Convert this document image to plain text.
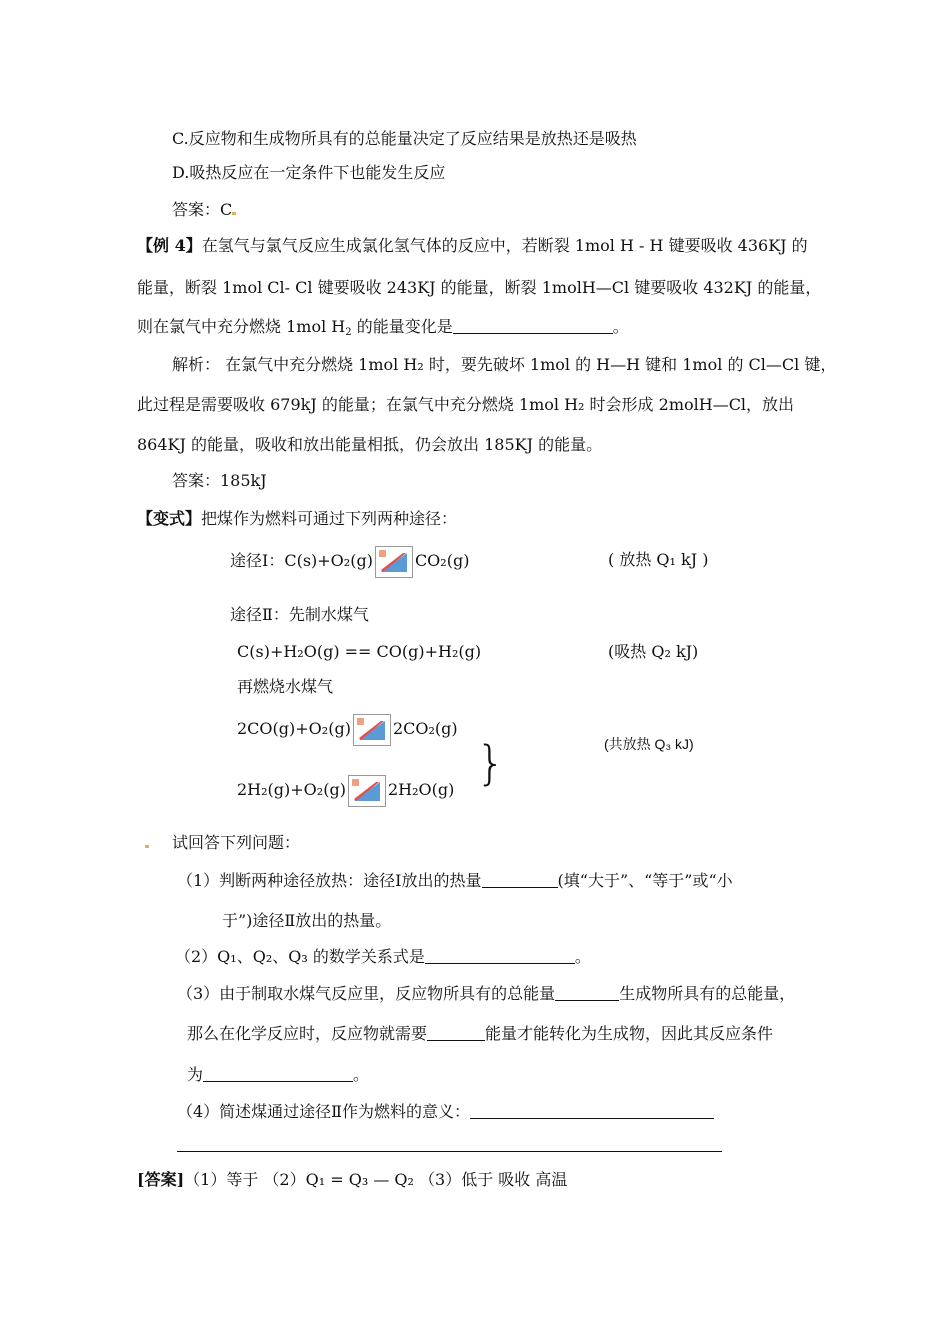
C.反应物和生成物所具有的总能量决定了反应结果是放热还是吸热
D.吸热反应在一定条件下也能发生反应
答案：C
【例 4】在氢气与氯气反应生成氯化氢气体的反应中，若断裂 1mol H - H 键要吸收 436KJ 的
能量，断裂 1mol Cl- Cl 键要吸收 243KJ 的能量，断裂 1molH—Cl 键要吸收 432KJ 的能量，
则在氯气中充分燃烧 1mol $H_2$ 的能量变化是	。
解析： 在氯气中充分燃烧 1mol H₂ 时，要先破坏 1mol 的 H—H 键和 1mol 的 Cl—Cl 键，
此过程是需要吸收 679kJ 的能量；在氯气中充分燃烧 1mol H₂ 时会形成 2molH—Cl，放出
864KJ 的能量，吸收和放出能量相抵，仍会放出 185KJ 的能量。
答案：185kJ
【变式】把煤作为燃料可通过下列两种途径：
途径Ⅰ：C(s)+O₂(g)	CO₂(g)	( 放热 Q₁ kJ )
途径Ⅱ：先制水煤气
C(s)+H₂O(g) == CO(g)+H₂(g)	(吸热 Q₂ kJ)
再燃烧水煤气
2CO(g)+O₂(g)	2CO₂(g)
(共放热 Q₃ kJ)
2H₂(g)+O₂(g)	2H₂O(g) }
试回答下列问题：
（1）判断两种途径放热：途径Ⅰ放出的热量	(填“大于”、“等于”或“小
于”)途径Ⅱ放出的热量。
（2）Q₁、Q₂、Q₃ 的数学关系式是	。
（3）由于制取水煤气反应里，反应物所具有的总能量	生成物所具有的总能量，
那么在化学反应时，反应物就需要	能量才能转化为生成物，因此其反应条件
为	。
（4）简述煤通过途径Ⅱ作为燃料的意义：
[答案]（1）等于 （2）Q₁ = Q₃ — Q₂ （3）低于 吸收 高温
